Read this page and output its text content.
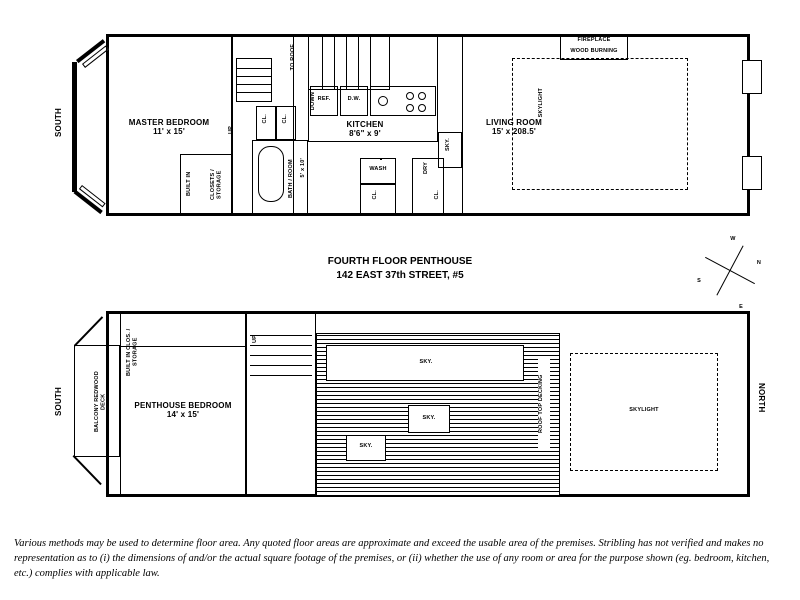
MASTER BEDROOM
11' x 15'
SOUTH
CLOSETS / STORAGE
BUILT IN
UP
CL.	CL.
BATH / ROOM	5' x 10'
REF.	D.W.
KITCHEN
8'6" x 9'
DOWN
TO ROOF
WASH
CL.
DRY
CL.
SKY.
LIVING ROOM
15' x 208.5'
SKYLIGHT
FIREPLACE
WOOD BURNING
FOURTH FLOOR PENTHOUSE
142 EAST 37th STREET, #5
W
N
S
E
BALCONY REDWOOD DECK
SOUTH	PENTHOUSE BEDROOM
14' x 15'
BUILT IN CLOS. / STORAGE	UP
ROOF TOP DECKING
SKY.
SKY.
SKY.
SKYLIGHT	NORTH
Various methods may be used to determine floor area. Any quoted floor areas are approximate and exceed the usable area of the premises. Stribling has not verified and makes no representation as to (i) the dimensions of and/or the actual square footage of the premises, or (ii) whether the use of any room or area for the purpose shown (eg. bedroom, kitchen, etc.) complies with applicable law.
